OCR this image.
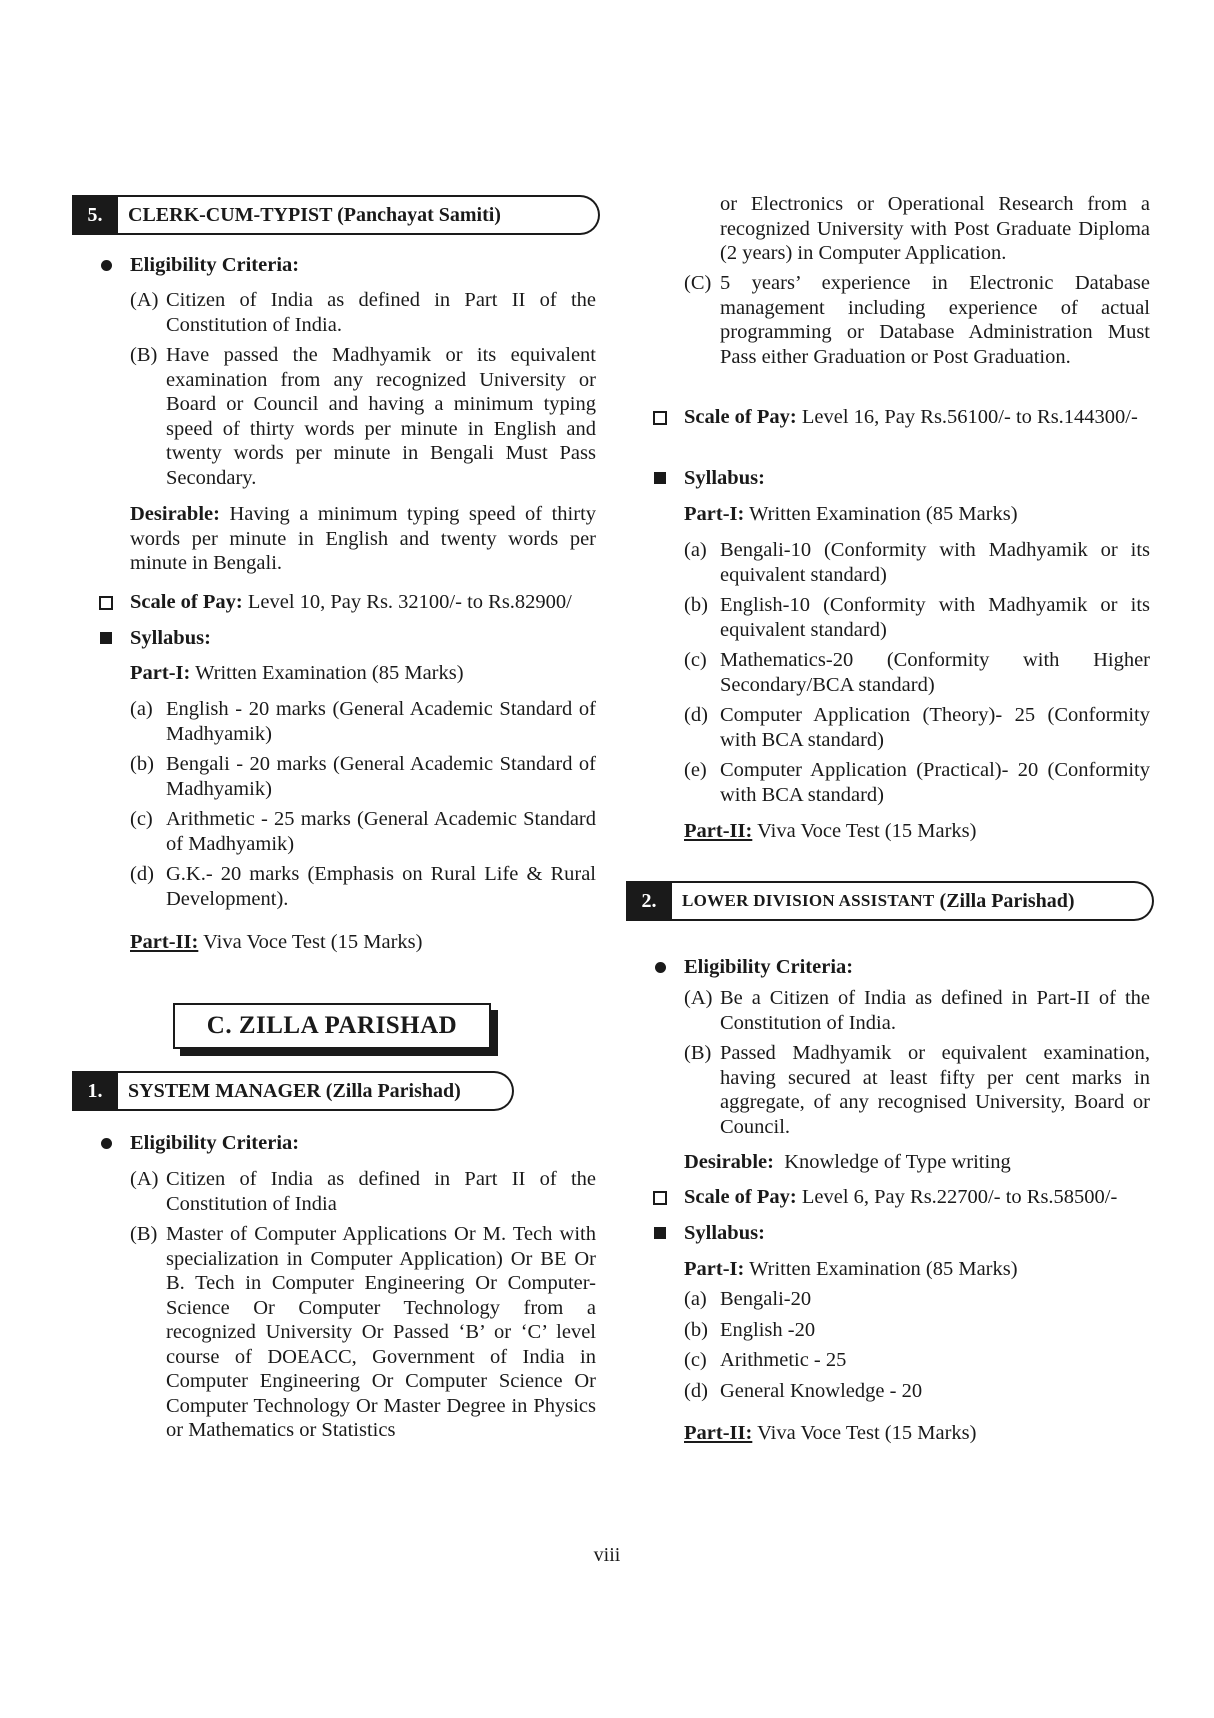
5.	CLERK-CUM-TYPIST (Panchayat Samiti)
Eligibility Criteria:
(A) Citizen of India as defined in Part II of the Constitution of India.
(B) Have passed the Madhyamik or its equivalent examination from any recognized University or Board or Council and having a minimum typing speed of thirty words per minute in English and twenty words per minute in Bengali Must Pass Secondary.
Desirable: Having a minimum typing speed of thirty words per minute in English and twenty words per minute in Bengali.
Scale of Pay: Level 10, Pay Rs. 32100/- to Rs.82900/
Syllabus:
Part-I: Written Examination (85 Marks)
(a) English - 20 marks (General Academic Standard of Madhyamik)
(b) Bengali - 20 marks (General Academic Standard of Madhyamik)
(c) Arithmetic - 25 marks (General Academic Standard of Madhyamik)
(d) G.K.- 20 marks (Emphasis on Rural Life & Rural Development).
Part-II: Viva Voce Test (15 Marks)
1.	SYSTEM MANAGER (Zilla Parishad)
Eligibility Criteria:
(A) Citizen of India as defined in Part II of the Constitution of India
(B) Master of Computer Applications Or M. Tech with specialization in Computer Application) Or BE Or B. Tech in Computer Engineering Or Computer-Science Or Computer Technology from a recognized University Or Passed ‘B’ or ‘C’ level course of DOEACC, Government of India in Computer Engineering Or Computer Science Or Computer Technology Or Master Degree in Physics or Mathematics or Statistics
C. ZILLA PARISHAD
or Electronics or Operational Research from a recognized University with Post Graduate Diploma (2 years) in Computer Application.
(C) 5 years’ experience in Electronic Database management including experience of actual programming or Database Administration Must Pass either Graduation or Post Graduation.
Scale of Pay: Level 16, Pay Rs.56100/- to Rs.144300/-
Syllabus:
Part-I: Written Examination (85 Marks)
(a) Bengali-10 (Conformity with Madhyamik or its equivalent standard)
(b) English-10 (Conformity with Madhyamik or its equivalent standard)
(c) Mathematics-20 (Conformity with Higher Secondary/BCA standard)
(d) Computer Application (Theory)- 25 (Conformity with BCA standard)
(e) Computer Application (Practical)- 20 (Conformity with BCA standard)
Part-II: Viva Voce Test (15 Marks)
2.	LOWER DIVISION ASSISTANT
(Zilla Parishad)
Eligibility Criteria:
(A) Be a Citizen of India as defined in Part-II of the Constitution of India.
(B) Passed Madhyamik or equivalent examination, having secured at least fifty per cent marks in aggregate, of any recognised University, Board or Council.
Desirable: Knowledge of Type writing
Scale of Pay: Level 6, Pay Rs.22700/- to Rs.58500/-
Syllabus:
Part-I: Written Examination (85 Marks)
(a) Bengali-20
(b) English -20
(c) Arithmetic - 25
(d) General Knowledge - 20
Part-II: Viva Voce Test (15 Marks)
viii
